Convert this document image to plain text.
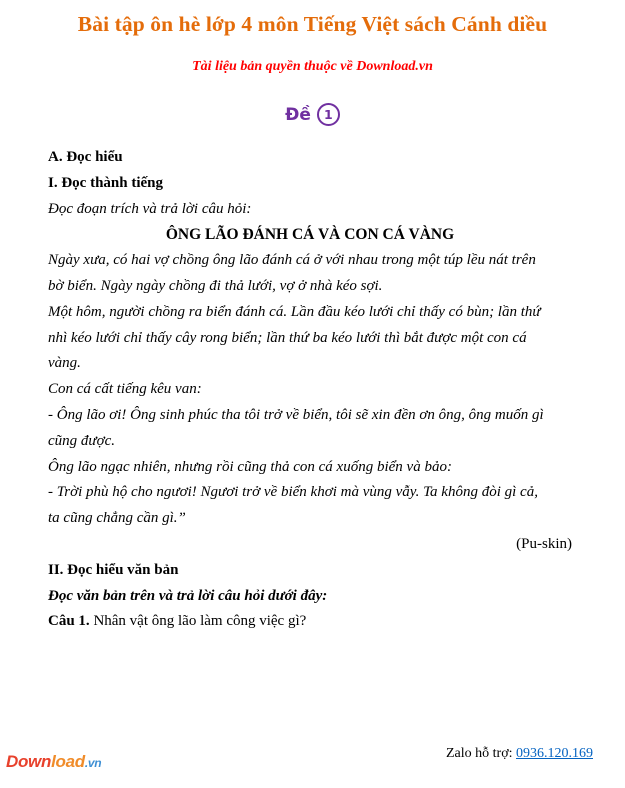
Bài tập ôn hè lớp 4 môn Tiếng Việt sách Cánh diều
Tài liệu bản quyền thuộc về Download.vn
Đề 1
A. Đọc hiểu
I. Đọc thành tiếng
Đọc đoạn trích và trả lời câu hỏi:
ÔNG LÃO ĐÁNH CÁ VÀ CON CÁ VÀNG
Ngày xưa, có hai vợ chồng ông lão đánh cá ở với nhau trong một túp lều nát trên
bờ biển. Ngày ngày chồng đi thả lưới, vợ ở nhà kéo sợi.
Một hôm, người chồng ra biển đánh cá. Lần đầu kéo lưới chỉ thấy có bùn; lần thứ
nhì kéo lưới chỉ thấy cây rong biển; lần thứ ba kéo lưới thì bắt được một con cá
vàng.
Con cá cất tiếng kêu van:
- Ông lão ơi! Ông sinh phúc tha tôi trở về biển, tôi sẽ xin đền ơn ông, ông muốn gì
cũng được.
Ông lão ngạc nhiên, nhưng rồi cũng thả con cá xuống biển và bảo:
- Trời phù hộ cho ngươi! Ngươi trở về biển khơi mà vùng vẫy. Ta không đòi gì cả,
ta cũng chẳng cần gì.”
(Pu-skin)
II. Đọc hiểu văn bản
Đọc văn bản trên và trả lời câu hỏi dưới đây:
Câu 1. Nhân vật ông lão làm công việc gì?
Download.vn
Zalo hỗ trợ: 0936.120.169
